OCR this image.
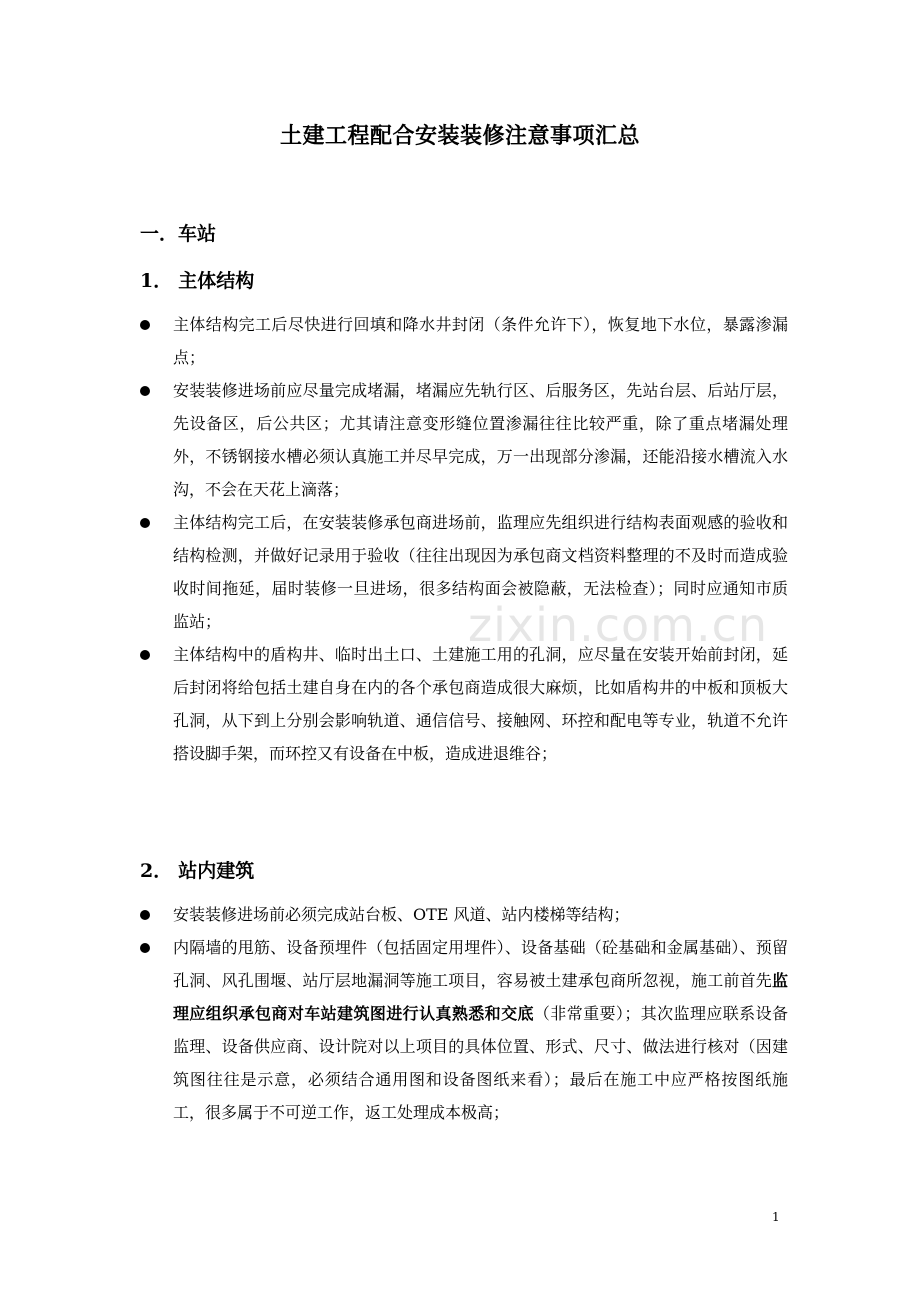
zixin.com.cn
土建工程配合安装装修注意事项汇总
一．车站
1． 主体结构

主体结构完工后尽快进行回填和降水井封闭（条件允许下），恢复地下水位，暴露渗漏点；

安装装修进场前应尽量完成堵漏，堵漏应先轨行区、后服务区，先站台层、后站厅层，先设备区，后公共区；尤其请注意变形缝位置渗漏往往比较严重，除了重点堵漏处理外，不锈钢接水槽必须认真施工并尽早完成，万一出现部分渗漏，还能沿接水槽流入水沟，不会在天花上滴落；

主体结构完工后，在安装装修承包商进场前，监理应先组织进行结构表面观感的验收和结构检测，并做好记录用于验收（往往出现因为承包商文档资料整理的不及时而造成验收时间拖延，届时装修一旦进场，很多结构面会被隐蔽，无法检查）；同时应通知市质监站；

主体结构中的盾构井、临时出土口、土建施工用的孔洞，应尽量在安装开始前封闭，延后封闭将给包括土建自身在内的各个承包商造成很大麻烦，比如盾构井的中板和顶板大孔洞，从下到上分别会影响轨道、通信信号、接触网、环控和配电等专业，轨道不允许搭设脚手架，而环控又有设备在中板，造成进退维谷；

2． 站内建筑

安装装修进场前必须完成站台板、OTE 风道、站内楼梯等结构；

内隔墙的甩筋、设备预埋件（包括固定用埋件）、设备基础（砼基础和金属基础）、预留孔洞、风孔围堰、站厅层地漏洞等施工项目，容易被土建承包商所忽视，施工前首先监理应组织承包商对车站建筑图进行认真熟悉和交底（非常重要）；其次监理应联系设备监理、设备供应商、设计院对以上项目的具体位置、形式、尺寸、做法进行核对（因建筑图往往是示意，必须结合通用图和设备图纸来看）；最后在施工中应严格按图纸施工，很多属于不可逆工作，返工处理成本极高；

1
